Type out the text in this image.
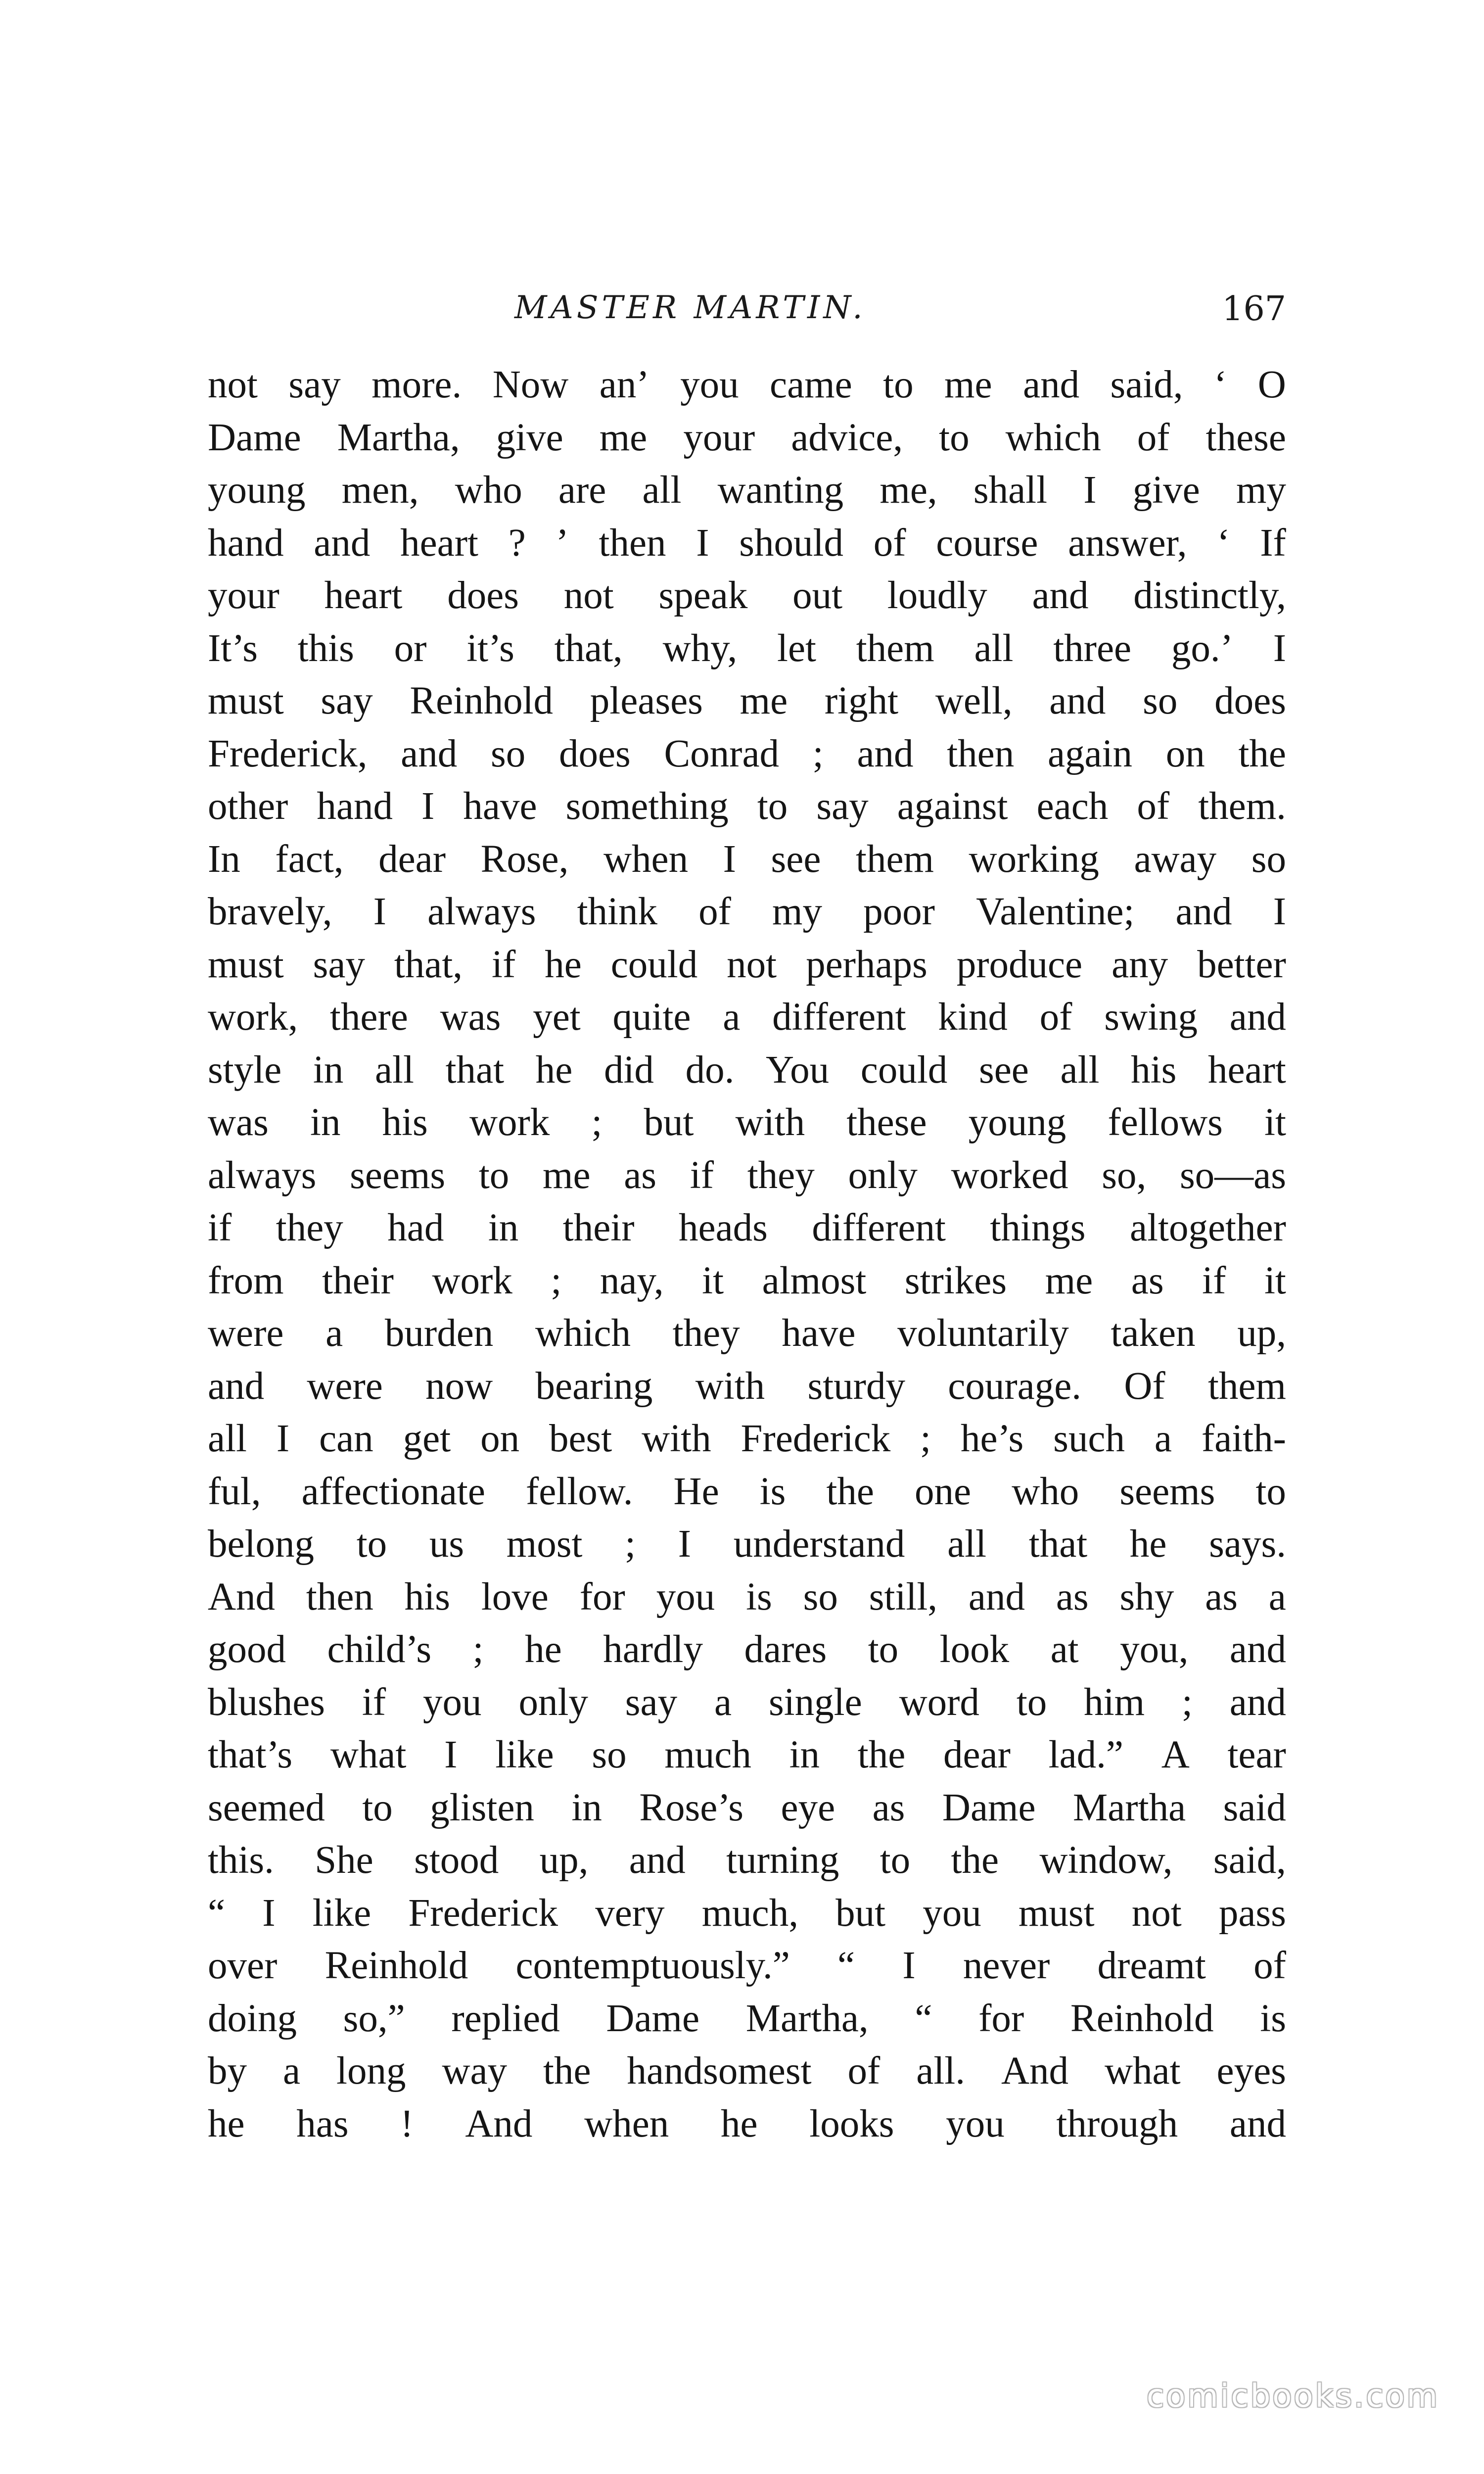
MASTER MARTIN.	167
not say more. Now an’ you came to me and said, ‘ O
Dame Martha, give me your advice, to which of these
young men, who are all wanting me, shall I give my
hand and heart ? ’ then I should of course answer, ‘ If
your heart does not speak out loudly and distinctly,
It’s this or it’s that, why, let them all three go.’ I
must say Reinhold pleases me right well, and so does
Frederick, and so does Conrad ; and then again on the
other hand I have something to say against each of them.
In fact, dear Rose, when I see them working away so
bravely, I always think of my poor Valentine; and I
must say that, if he could not perhaps produce any better
work, there was yet quite a different kind of swing and
style in all that he did do. You could see all his heart
was in his work ; but with these young fellows it
always seems to me as if they only worked so, so—as
if they had in their heads different things altogether
from their work ; nay, it almost strikes me as if it
were a burden which they have voluntarily taken up,
and were now bearing with sturdy courage. Of them
all I can get on best with Frederick ; he’s such a faith-
ful, affectionate fellow. He is the one who seems to
belong to us most ; I understand all that he says.
And then his love for you is so still, and as shy as a
good child’s ; he hardly dares to look at you, and
blushes if you only say a single word to him ; and
that’s what I like so much in the dear lad.” A tear
seemed to glisten in Rose’s eye as Dame Martha said
this. She stood up, and turning to the window, said,
“ I like Frederick very much, but you must not pass
over Reinhold contemptuously.” “ I never dreamt of
doing so,” replied Dame Martha, “ for Reinhold is
by a long way the handsomest of all. And what eyes
he has ! And when he looks you through and
comicbooks.com
